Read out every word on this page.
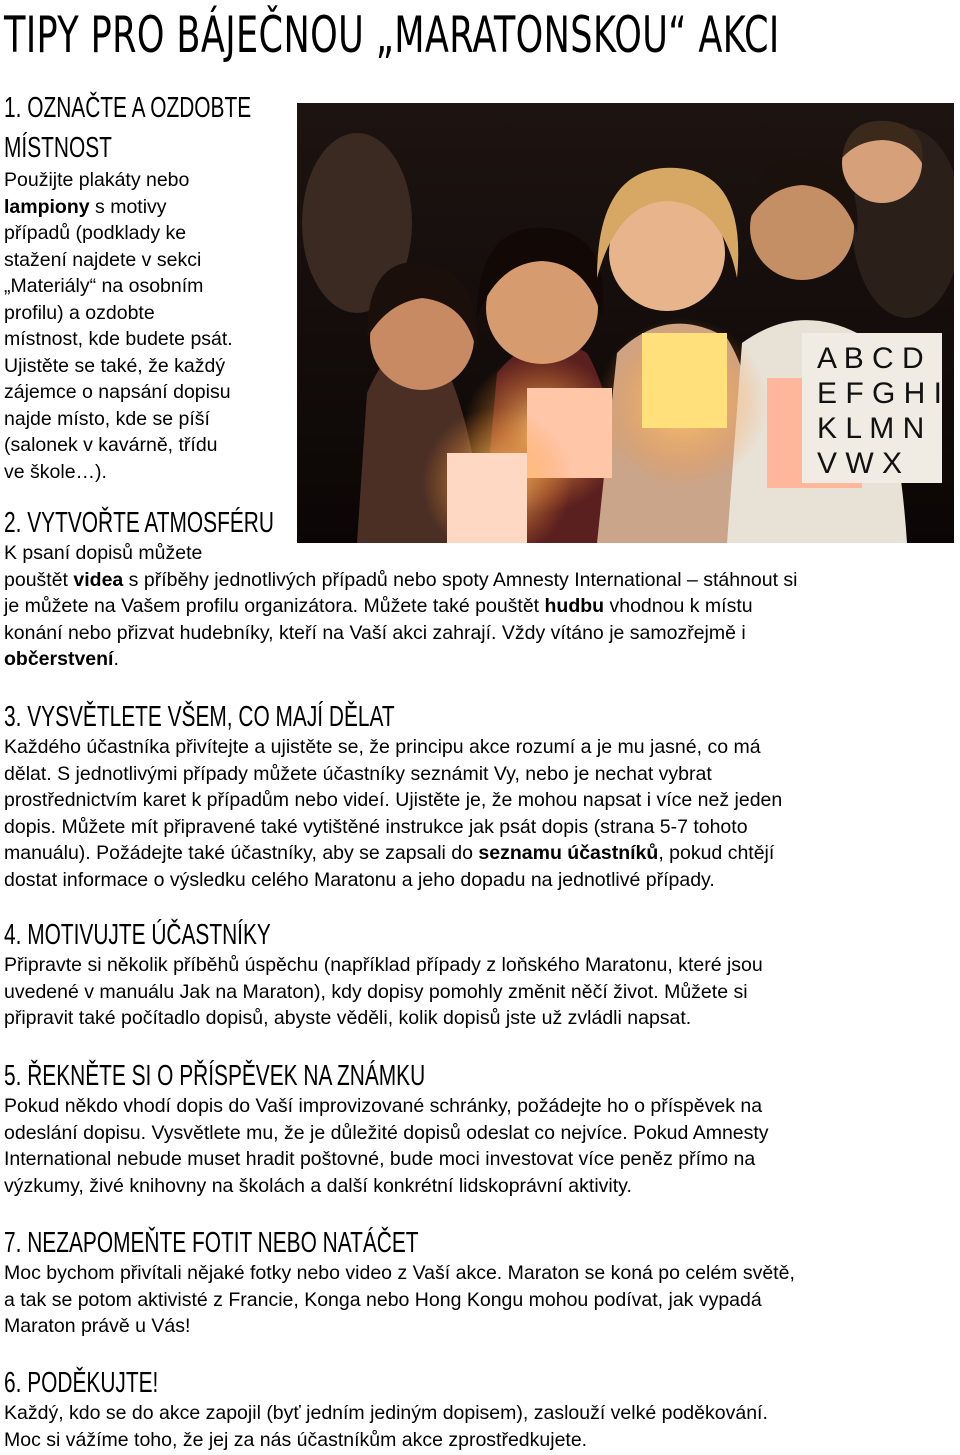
TIPY PRO BÁJEČNOU „MARATONSKOU“ AKCI
1. OZNAČTE A OZDOBTE
MÍSTNOST
Použijte plakáty nebo
lampiony s motivy
případů (podklady ke
stažení najdete v sekci
„Materiály“ na osobním
profilu) a ozdobte
místnost, kde budete psát.
Ujistěte se také, že každý
zájemce o napsání dopisu
najde místo, kde se píší
(salonek v kavárně, třídu
ve škole…).
A B C D
E F G H I
K L M N
V W X
2. VYTVOŘTE ATMOSFÉRU
K psaní dopisů můžete
pouštět videa s příběhy jednotlivých případů nebo spoty Amnesty International – stáhnout si
je můžete na Vašem profilu organizátora. Můžete také pouštět hudbu vhodnou k místu
konání nebo přizvat hudebníky, kteří na Vaší akci zahrají. Vždy vítáno je samozřejmě i
občerstvení.
3. VYSVĚTLETE VŠEM, CO MAJÍ DĚLAT
Každého účastníka přivítejte a ujistěte se, že principu akce rozumí a je mu jasné, co má
dělat. S jednotlivými případy můžete účastníky seznámit Vy, nebo je nechat vybrat
prostřednictvím karet k případům nebo videí. Ujistěte je, že mohou napsat i více než jeden
dopis. Můžete mít připravené také vytištěné instrukce jak psát dopis (strana 5-7 tohoto
manuálu). Požádejte také účastníky, aby se zapsali do seznamu účastníků, pokud chtějí
dostat informace o výsledku celého Maratonu a jeho dopadu na jednotlivé případy.
4. MOTIVUJTE ÚČASTNÍKY
Připravte si několik příběhů úspěchu (například případy z loňského Maratonu, které jsou
uvedené v manuálu Jak na Maraton), kdy dopisy pomohly změnit něčí život. Můžete si
připravit také počítadlo dopisů, abyste věděli, kolik dopisů jste už zvládli napsat.
5. ŘEKNĚTE SI O PŘÍSPĚVEK NA ZNÁMKU
Pokud někdo vhodí dopis do Vaší improvizované schránky, požádejte ho o příspěvek na
odeslání dopisu. Vysvětlete mu, že je důležité dopisů odeslat co nejvíce. Pokud Amnesty
International nebude muset hradit poštovné, bude moci investovat více peněz přímo na
výzkumy, živé knihovny na školách a další konkrétní lidskoprávní aktivity.
7. NEZAPOMEŇTE FOTIT NEBO NATÁČET
Moc bychom přivítali nějaké fotky nebo video z Vaší akce. Maraton se koná po celém světě,
a tak se potom aktivisté z Francie, Konga nebo Hong Kongu mohou podívat, jak vypadá
Maraton právě u Vás!
6. PODĚKUJTE!
Každý, kdo se do akce zapojil (byť jedním jediným dopisem), zaslouží velké poděkování.
Moc si vážíme toho, že jej za nás účastníkům akce zprostředkujete.
